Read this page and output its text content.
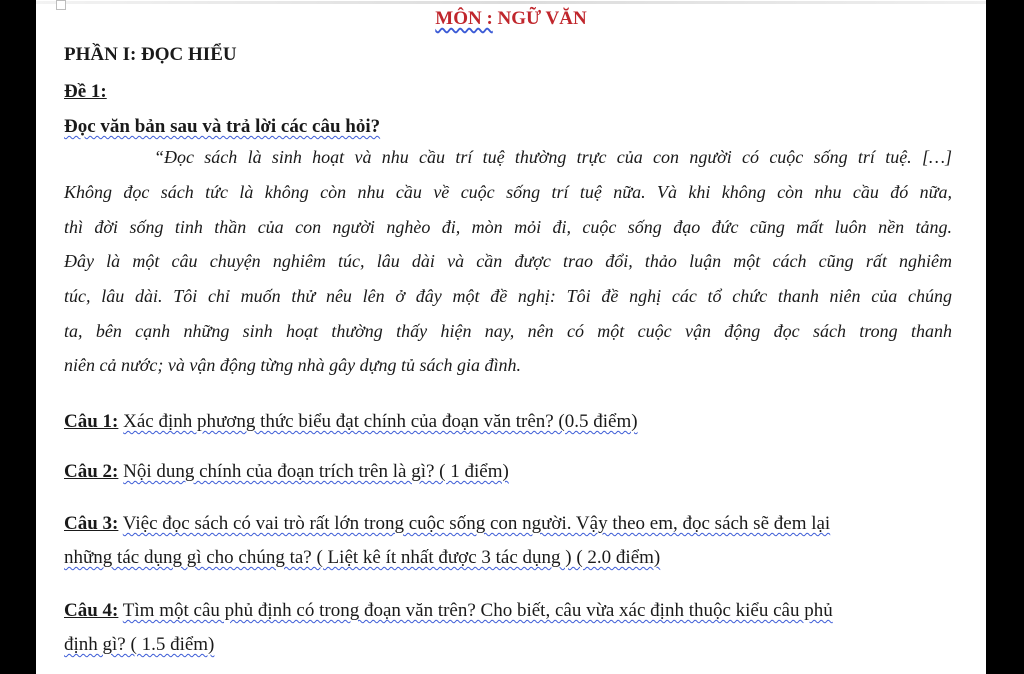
MÔN : NGỮ VĂN
PHẦN I: ĐỌC HIỂU
Đề 1:
Đọc văn bản sau và trả lời các câu hỏi?
“Đọc sách là sinh hoạt và nhu cầu trí tuệ thường trực của con người có cuộc sống trí tuệ. […]
Không đọc sách tức là không còn nhu cầu về cuộc sống trí tuệ nữa. Và khi không còn nhu cầu đó nữa,
thì đời sống tinh thần của con người nghèo đi, mòn mỏi đi, cuộc sống đạo đức cũng mất luôn nền tảng.
Đây là một câu chuyện nghiêm túc, lâu dài và cần được trao đổi, thảo luận một cách cũng rất nghiêm
túc, lâu dài. Tôi chỉ muốn thử nêu lên ở đây một đề nghị: Tôi đề nghị các tổ chức thanh niên của chúng
ta, bên cạnh những sinh hoạt thường thấy hiện nay, nên có một cuộc vận động đọc sách trong thanh
niên cả nước; và vận động từng nhà gây dựng tủ sách gia đình.
Câu 1: Xác định phương thức biểu đạt chính của đoạn văn trên? (0.5 điểm)
Câu 2: Nội dung chính của đoạn trích trên là gì? ( 1 điểm)
Câu 3: Việc đọc sách có vai trò rất lớn trong cuộc sống con người. Vậy theo em, đọc sách sẽ đem lại
những tác dụng gì cho chúng ta? ( Liệt kê ít nhất được 3 tác dụng ) ( 2.0 điểm)
Câu 4: Tìm một câu phủ định có trong đoạn văn trên? Cho biết, câu vừa xác định thuộc kiểu câu phủ
định gì? ( 1.5 điểm)
